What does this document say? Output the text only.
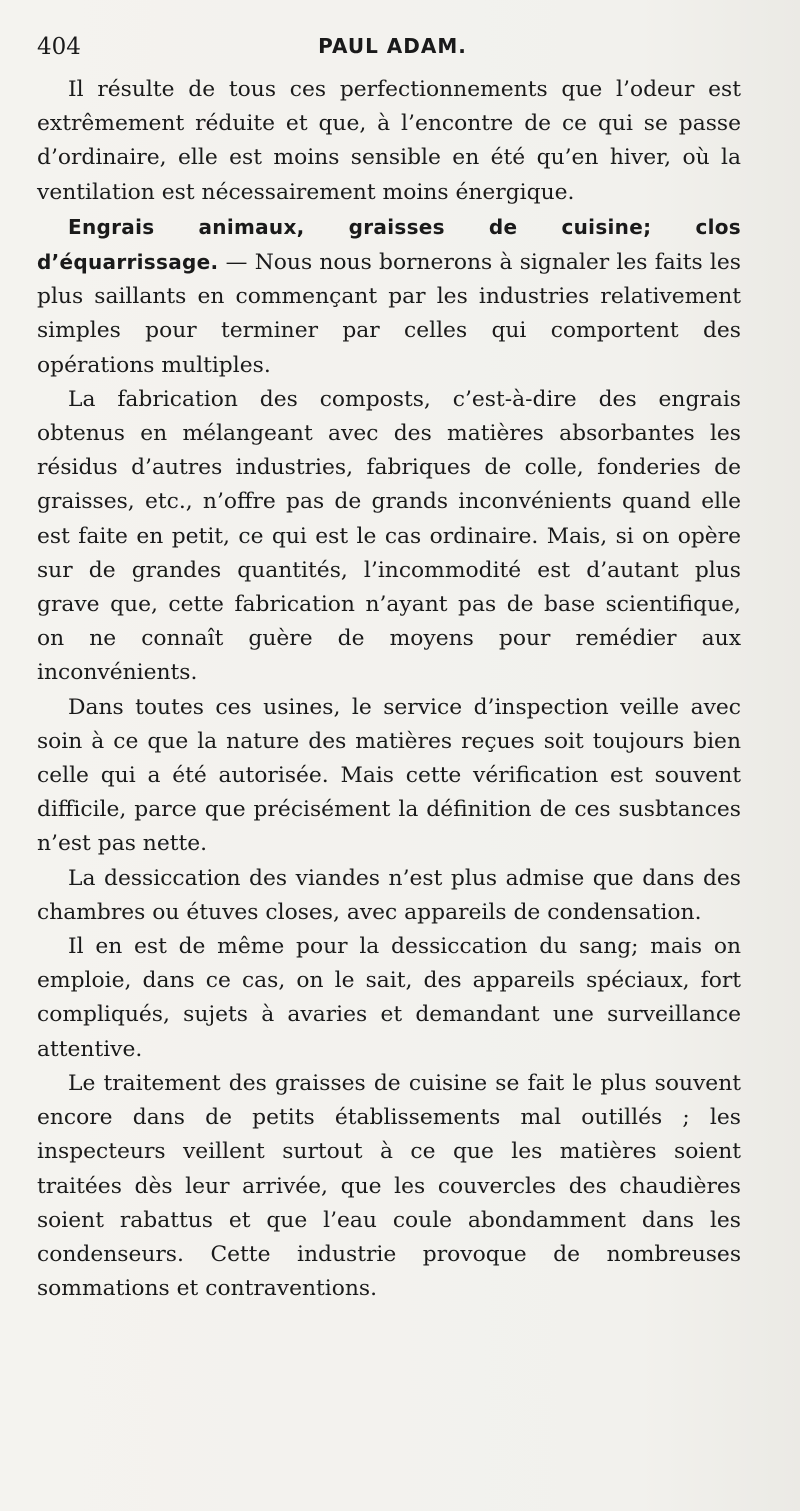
404	PAUL ADAM.

Il résulte de tous ces perfectionnements que l’odeur est extrêmement réduite et que, à l’encontre de ce qui se passe d’ordinaire, elle est moins sensible en été qu’en hiver, où la ventilation est nécessairement moins énergique.

Engrais animaux, graisses de cuisine; clos d’équarrissage. — Nous nous bornerons à signaler les faits les plus saillants en commençant par les industries relativement simples pour terminer par celles qui comportent des opérations multiples.

La fabrication des composts, c’est-à-dire des engrais obtenus en mélangeant avec des matières absorbantes les résidus d’autres industries, fabriques de colle, fonderies de graisses, etc., n’offre pas de grands inconvénients quand elle est faite en petit, ce qui est le cas ordinaire. Mais, si on opère sur de grandes quantités, l’incommodité est d’autant plus grave que, cette fabrication n’ayant pas de base scientifique, on ne connaît guère de moyens pour remédier aux inconvénients.

Dans toutes ces usines, le service d’inspection veille avec soin à ce que la nature des matières reçues soit toujours bien celle qui a été autorisée. Mais cette vérification est souvent difficile, parce que précisément la définition de ces susbtances n’est pas nette.

La dessiccation des viandes n’est plus admise que dans des chambres ou étuves closes, avec appareils de condensation.

Il en est de même pour la dessiccation du sang; mais on emploie, dans ce cas, on le sait, des appareils spéciaux, fort compliqués, sujets à avaries et demandant une surveillance attentive.

Le traitement des graisses de cuisine se fait le plus souvent encore dans de petits établissements mal outillés ; les inspecteurs veillent surtout à ce que les matières soient traitées dès leur arrivée, que les couvercles des chaudières soient rabattus et que l’eau coule abondamment dans les condenseurs. Cette industrie provoque de nombreuses sommations et contraventions.
